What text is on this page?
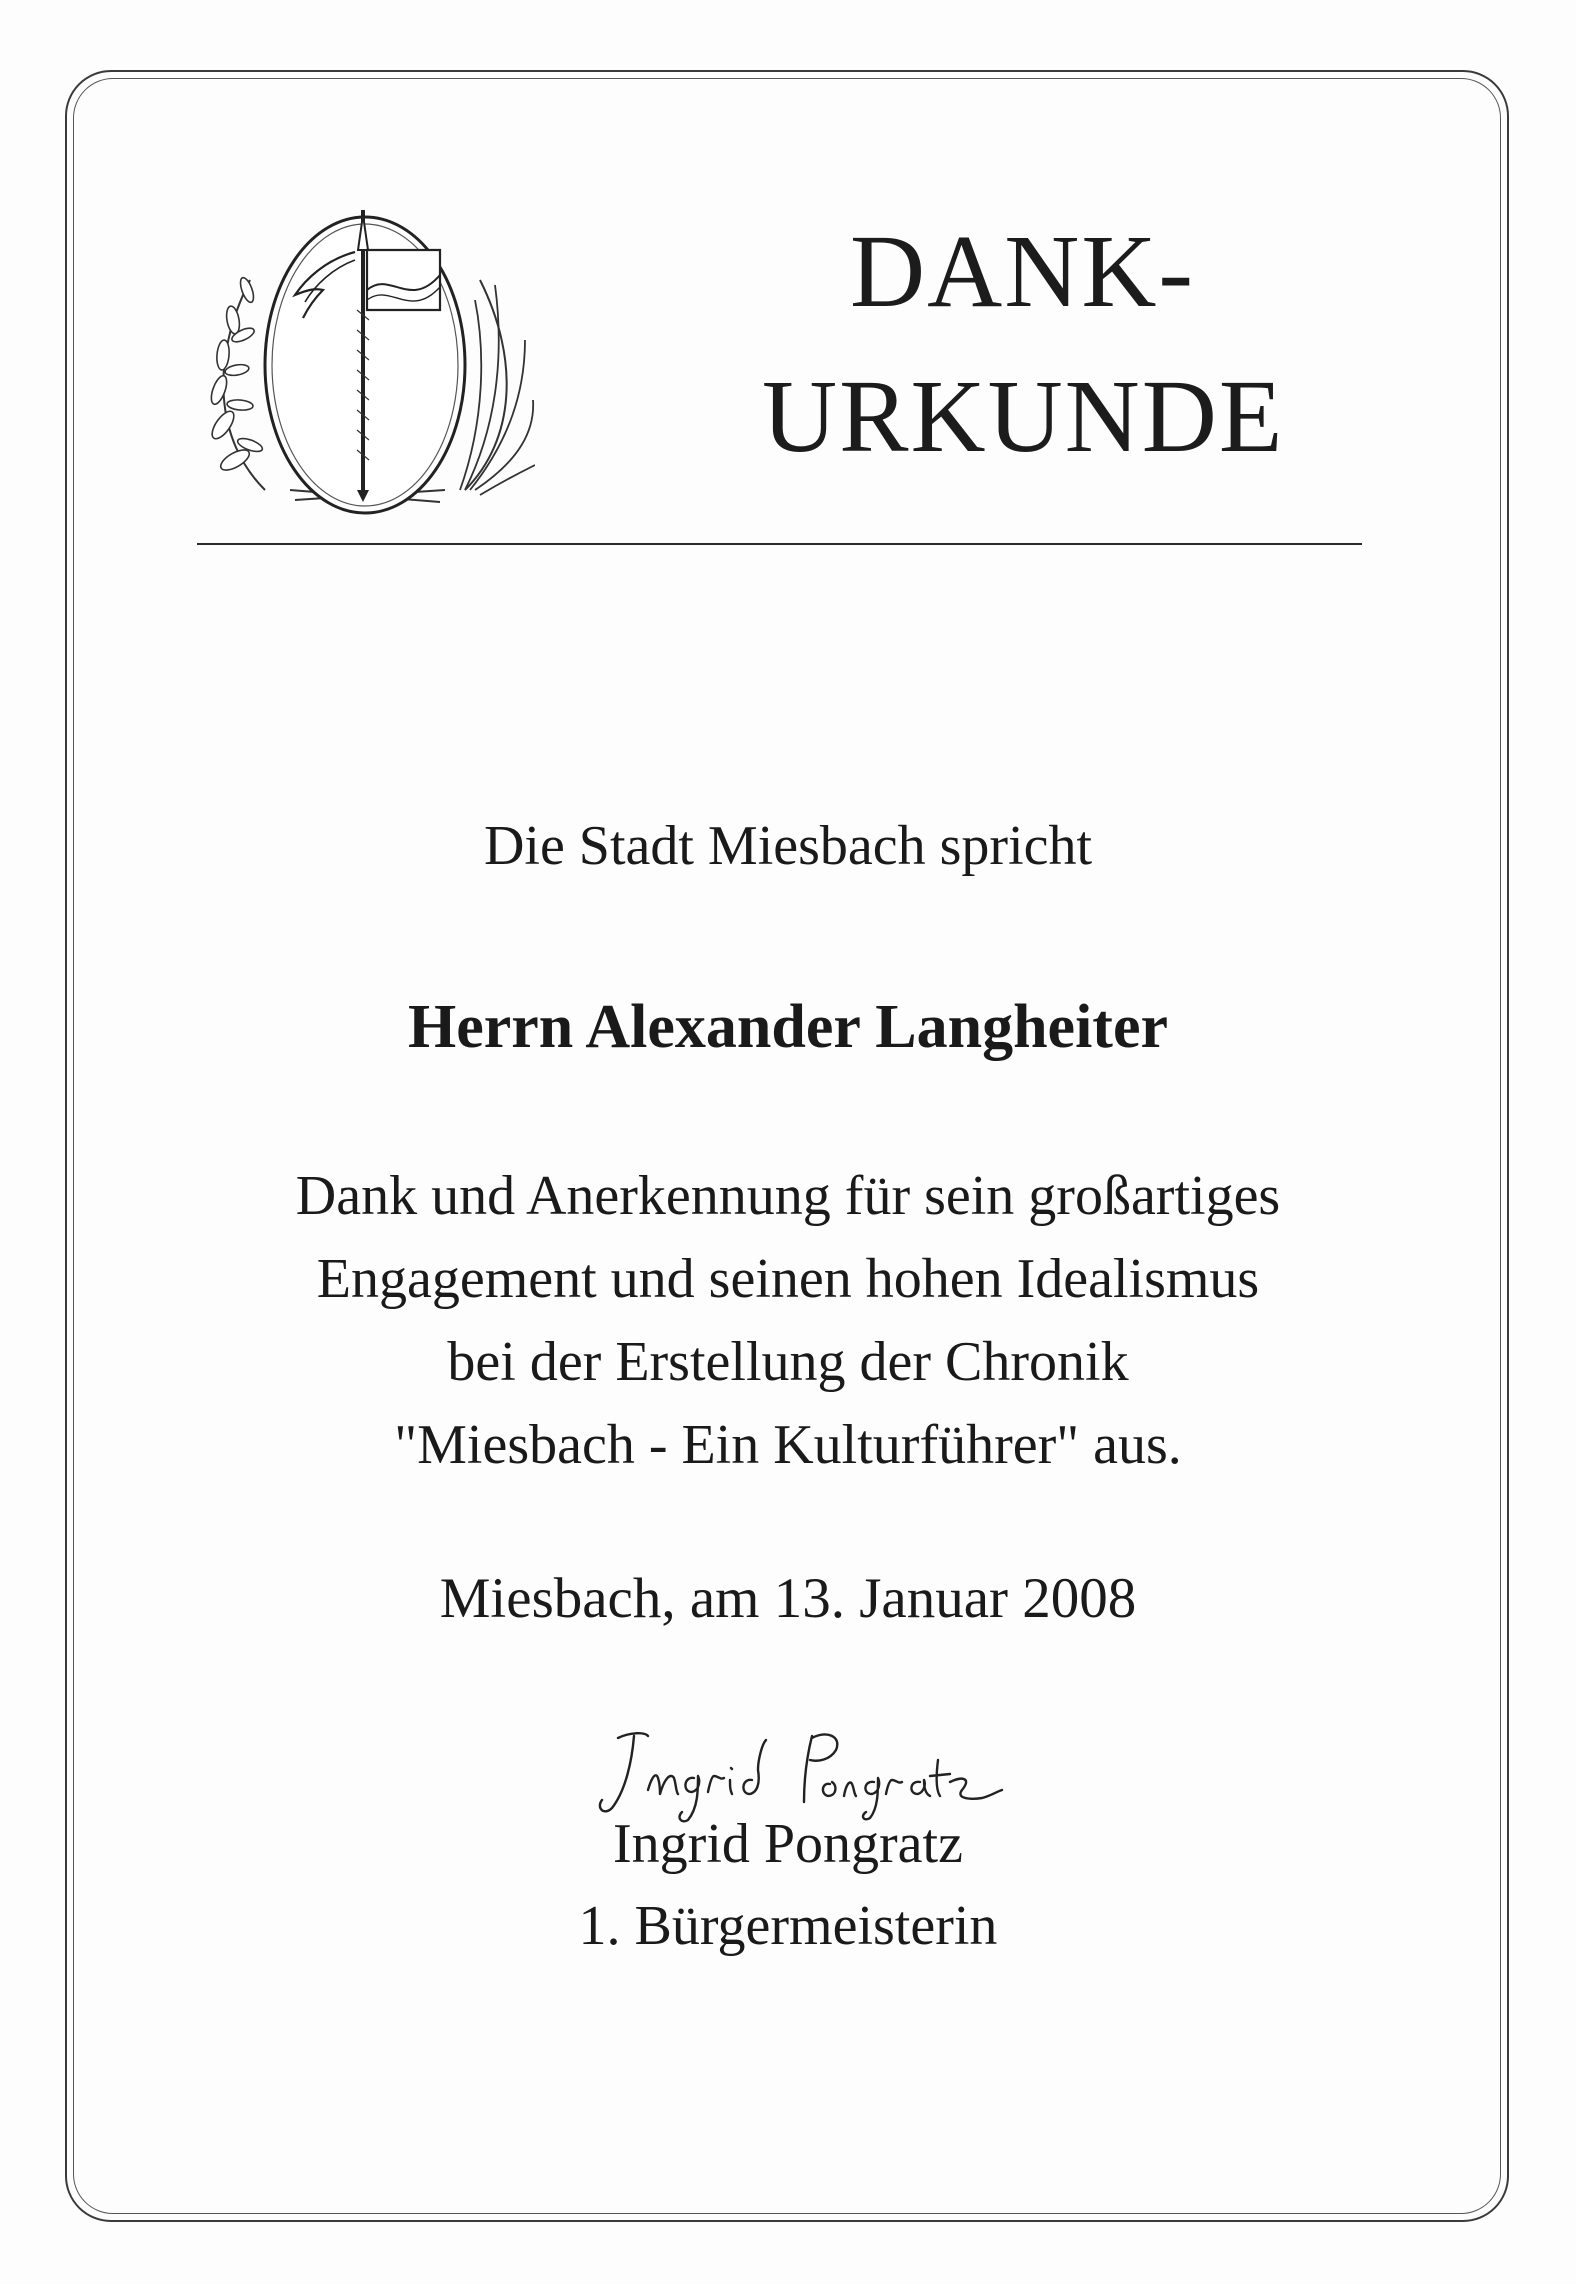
DANK-
URKUNDE
Die Stadt Miesbach spricht
Herrn Alexander Langheiter
Dank und Anerkennung für sein großartiges
Engagement und seinen hohen Idealismus
bei der Erstellung der Chronik
"Miesbach - Ein Kulturführer" aus.
Miesbach, am 13. Januar 2008
Ingrid Pongratz
1. Bürgermeisterin
